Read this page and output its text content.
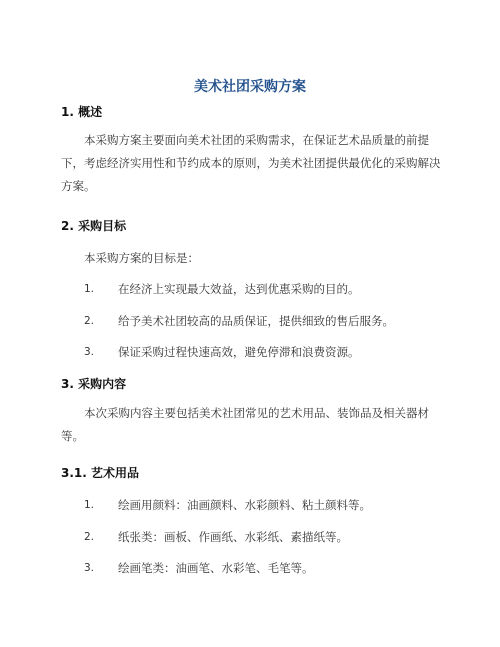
美术社团采购方案
1. 概述

本采购方案主要面向美术社团的采购需求，在保证艺术品质量的前提下，考虑经济实用性和节约成本的原则，为美术社团提供最优化的采购解决方案。

2. 采购目标
本采购方案的目标是：
1. 在经济上实现最大效益，达到优惠采购的目的。
2. 给予美术社团较高的品质保证，提供细致的售后服务。
3. 保证采购过程快速高效，避免停滞和浪费资源。
3. 采购内容

本次采购内容主要包括美术社团常见的艺术用品、装饰品及相关器材等。

3.1. 艺术用品
1. 绘画用颜料：油画颜料、水彩颜料、粘土颜料等。
2. 纸张类：画板、作画纸、水彩纸、素描纸等。
3. 绘画笔类：油画笔、水彩笔、毛笔等。
